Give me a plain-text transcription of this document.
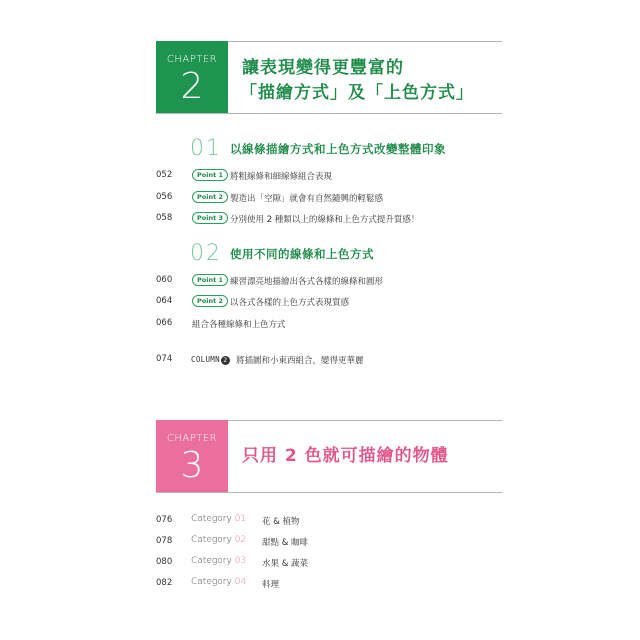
CHAPTER
2	讓表現變得更豐富的
「描繪方式」及「上色方式」
01 以線條描繪方式和上色方式改變整體印象
052	Point 1 將粗線條和細線條組合表現
056	Point 2 製造出「空隙」就會有自然隨興的輕鬆感
058	Point 3 分別使用 2 種類以上的線條和上色方式提升質感！
02 使用不同的線條和上色方式
060	Point 1 練習漂亮地描繪出各式各樣的線條和圓形
064	Point 2 以各式各樣的上色方式表現質感
066 組合各種線條和上色方式
074	COLUMN 2 將插圖和小東西組合，變得更華麗
CHAPTER
3	只用 2 色就可描繪的物體
076 Category 01 花 & 植物
078 Category 02 甜點 & 咖啡
080 Category 03 水果 & 蔬菜
082 Category 04 料理
